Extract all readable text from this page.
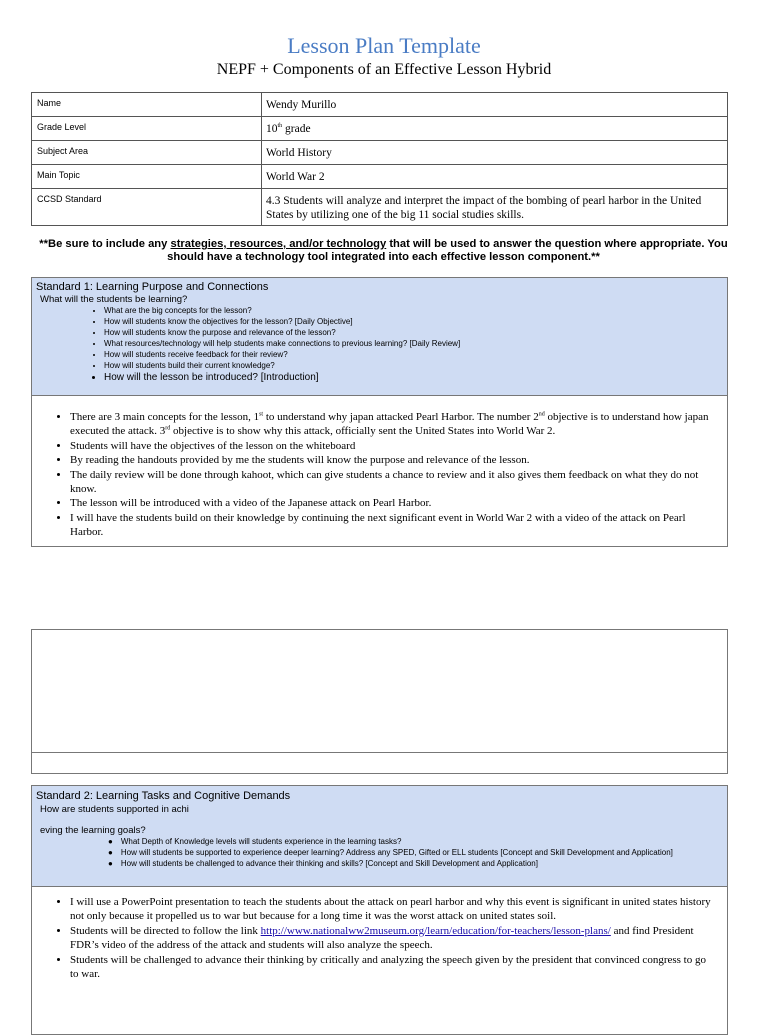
Lesson Plan Template
NEPF + Components of an Effective Lesson Hybrid
Name	Wendy Murillo
Grade Level	10th grade
Subject Area	World History
Main Topic	World War 2
CCSD Standard	4.3 Students will analyze and interpret the impact of the bombing of pearl harbor in the United States by utilizing one of the big 11 social studies skills.
**Be sure to include any strategies, resources, and/or technology that will be used to answer the question where appropriate. You should have a technology tool integrated into each effective lesson component.**
Standard 1: Learning Purpose and Connections
What will the students be learning?
• What are the big concepts for the lesson?
• How will students know the objectives for the lesson? [Daily Objective]
• How will students know the purpose and relevance of the lesson?
• What resources/technology will help students make connections to previous learning? [Daily Review]
• How will students receive feedback for their review?
• How will students build their current knowledge?
• How will the lesson be introduced? [Introduction]
• There are 3 main concepts for the lesson, 1st to understand why japan attacked Pearl Harbor. The number 2nd objective is to understand how japan executed the attack. 3rd objective is to show why this attack, officially sent the United States into World War 2.
• Students will have the objectives of the lesson on the whiteboard
• By reading the handouts provided by me the students will know the purpose and relevance of the lesson.
• The daily review will be done through kahoot, which can give students a chance to review and it also gives them feedback on what they do not know.
• The lesson will be introduced with a video of the Japanese attack on Pearl Harbor.
• I will have the students build on their knowledge by continuing the next significant event in World War 2 with a video of the attack on Pearl Harbor.
Standard 2: Learning Tasks and Cognitive Demands
How are students supported in achi
eving the learning goals?
● What Depth of Knowledge levels will students experience in the learning tasks?
● How will students be supported to experience deeper learning? Address any SPED, Gifted or ELL students [Concept and Skill Development and Application]
● How will students be challenged to advance their thinking and skills? [Concept and Skill Development and Application]
• I will use a PowerPoint presentation to teach the students about the attack on pearl harbor and why this event is significant in united states history not only because it propelled us to war but because for a long time it was the worst attack on united states soil.
• Students will be directed to follow the link http://www.nationalww2museum.org/learn/education/for-teachers/lesson-plans/ and find President FDR’s video of the address of the attack and students will also analyze the speech.
• Students will be challenged to advance their thinking by critically and analyzing the speech given by the president that convinced congress to go to war.
